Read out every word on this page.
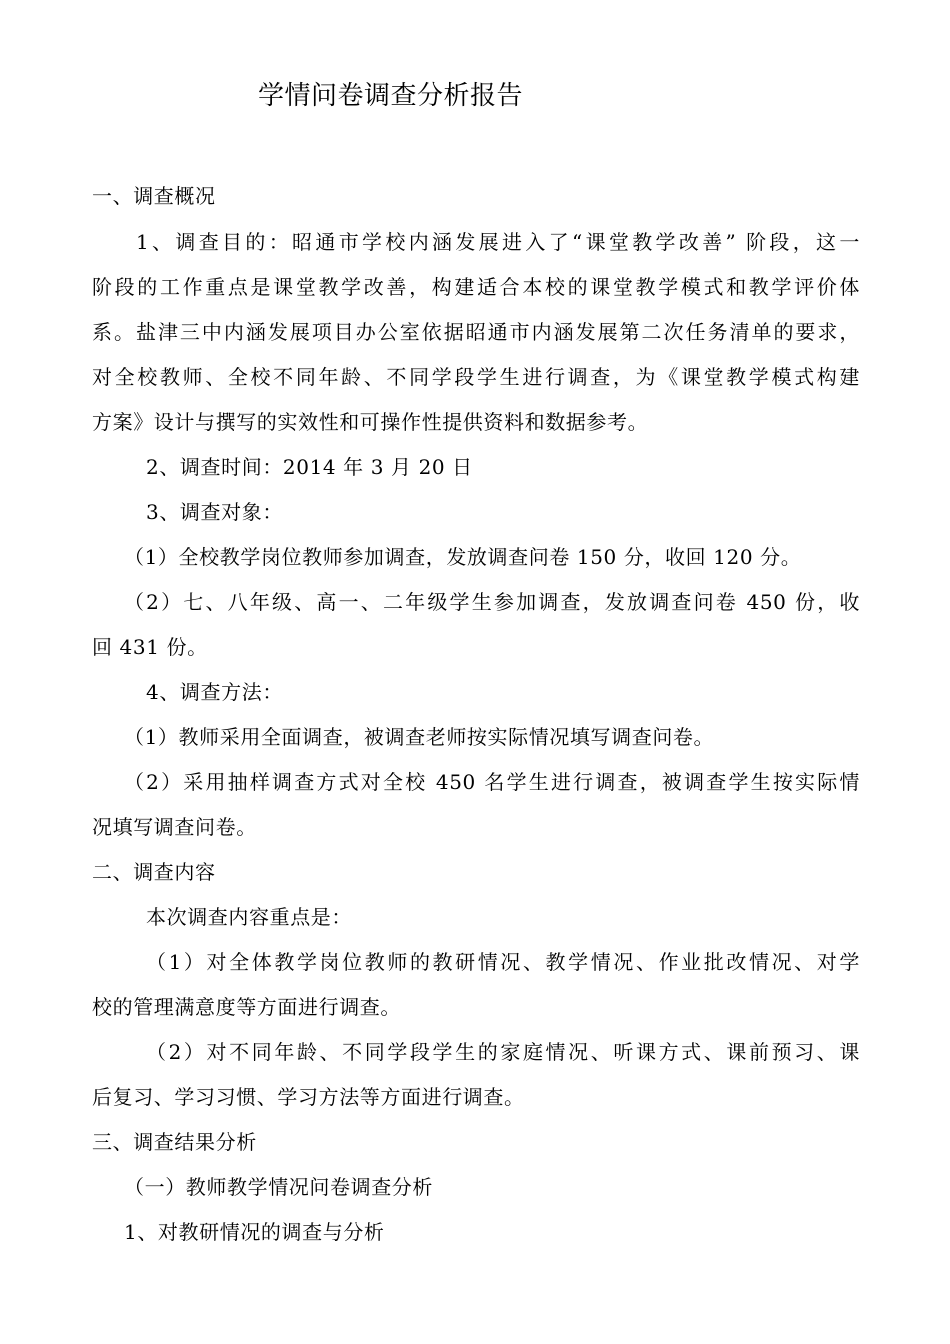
学情问卷调查分析报告
一、调查概况
1、调查目的：昭通市学校内涵发展进入了“课堂教学改善” 阶段，这一
阶段的工作重点是课堂教学改善，构建适合本校的课堂教学模式和教学评价体
系。盐津三中内涵发展项目办公室依据昭通市内涵发展第二次任务清单的要求，
对全校教师、全校不同年龄、不同学段学生进行调查，为《课堂教学模式构建
方案》设计与撰写的实效性和可操作性提供资料和数据参考。
2、调查时间：2014 年 3 月 20 日
3、调查对象：
（1）全校教学岗位教师参加调查，发放调查问卷 150 分，收回 120 分。
（2）七、八年级、高一、二年级学生参加调查，发放调查问卷 450 份，收
回 431 份。
4、调查方法：
（1）教师采用全面调查，被调查老师按实际情况填写调查问卷。
（2）采用抽样调查方式对全校 450 名学生进行调查，被调查学生按实际情
况填写调查问卷。
二、调查内容
本次调查内容重点是：
（1）对全体教学岗位教师的教研情况、教学情况、作业批改情况、对学
校的管理满意度等方面进行调查。
（2）对不同年龄、不同学段学生的家庭情况、听课方式、课前预习、课
后复习、学习习惯、学习方法等方面进行调查。
三、调查结果分析
（一）教师教学情况问卷调查分析
1、对教研情况的调查与分析
